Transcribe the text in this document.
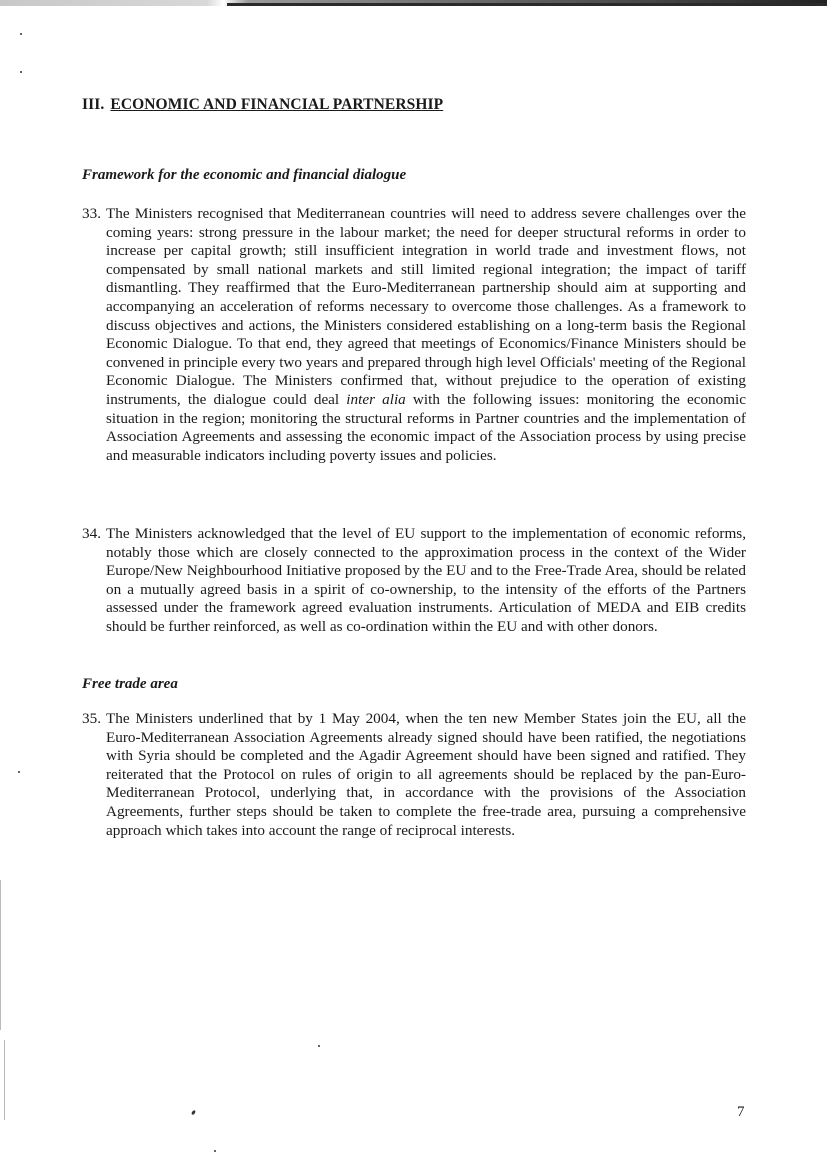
III. ECONOMIC AND FINANCIAL PARTNERSHIP
Framework for the economic and financial dialogue
33. The Ministers recognised that Mediterranean countries will need to address severe challenges over the coming years: strong pressure in the labour market; the need for deeper structural reforms in order to increase per capital growth; still insufficient integration in world trade and investment flows, not compensated by small national markets and still limited regional integration; the impact of tariff dismantling. They reaffirmed that the Euro-Mediterranean partnership should aim at supporting and accompanying an acceleration of reforms necessary to overcome those challenges. As a framework to discuss objectives and actions, the Ministers considered establishing on a long-term basis the Regional Economic Dialogue. To that end, they agreed that meetings of Economics/Finance Ministers should be convened in principle every two years and prepared through high level Officials' meeting of the Regional Economic Dialogue. The Ministers confirmed that, without prejudice to the operation of existing instruments, the dialogue could deal inter alia with the following issues: monitoring the economic situation in the region; monitoring the structural reforms in Partner countries and the implementation of Association Agreements and assessing the economic impact of the Association process by using precise and measurable indicators including poverty issues and policies.
34. The Ministers acknowledged that the level of EU support to the implementation of economic reforms, notably those which are closely connected to the approximation process in the context of the Wider Europe/New Neighbourhood Initiative proposed by the EU and to the Free-Trade Area, should be related on a mutually agreed basis in a spirit of co-ownership, to the intensity of the efforts of the Partners assessed under the framework agreed evaluation instruments. Articulation of MEDA and EIB credits should be further reinforced, as well as co-ordination within the EU and with other donors.
Free trade area
35. The Ministers underlined that by 1 May 2004, when the ten new Member States join the EU, all the Euro-Mediterranean Association Agreements already signed should have been ratified, the negotiations with Syria should be completed and the Agadir Agreement should have been signed and ratified. They reiterated that the Protocol on rules of origin to all agreements should be replaced by the pan-Euro-Mediterranean Protocol, underlying that, in accordance with the provisions of the Association Agreements, further steps should be taken to complete the free-trade area, pursuing a comprehensive approach which takes into account the range of reciprocal interests.
7
